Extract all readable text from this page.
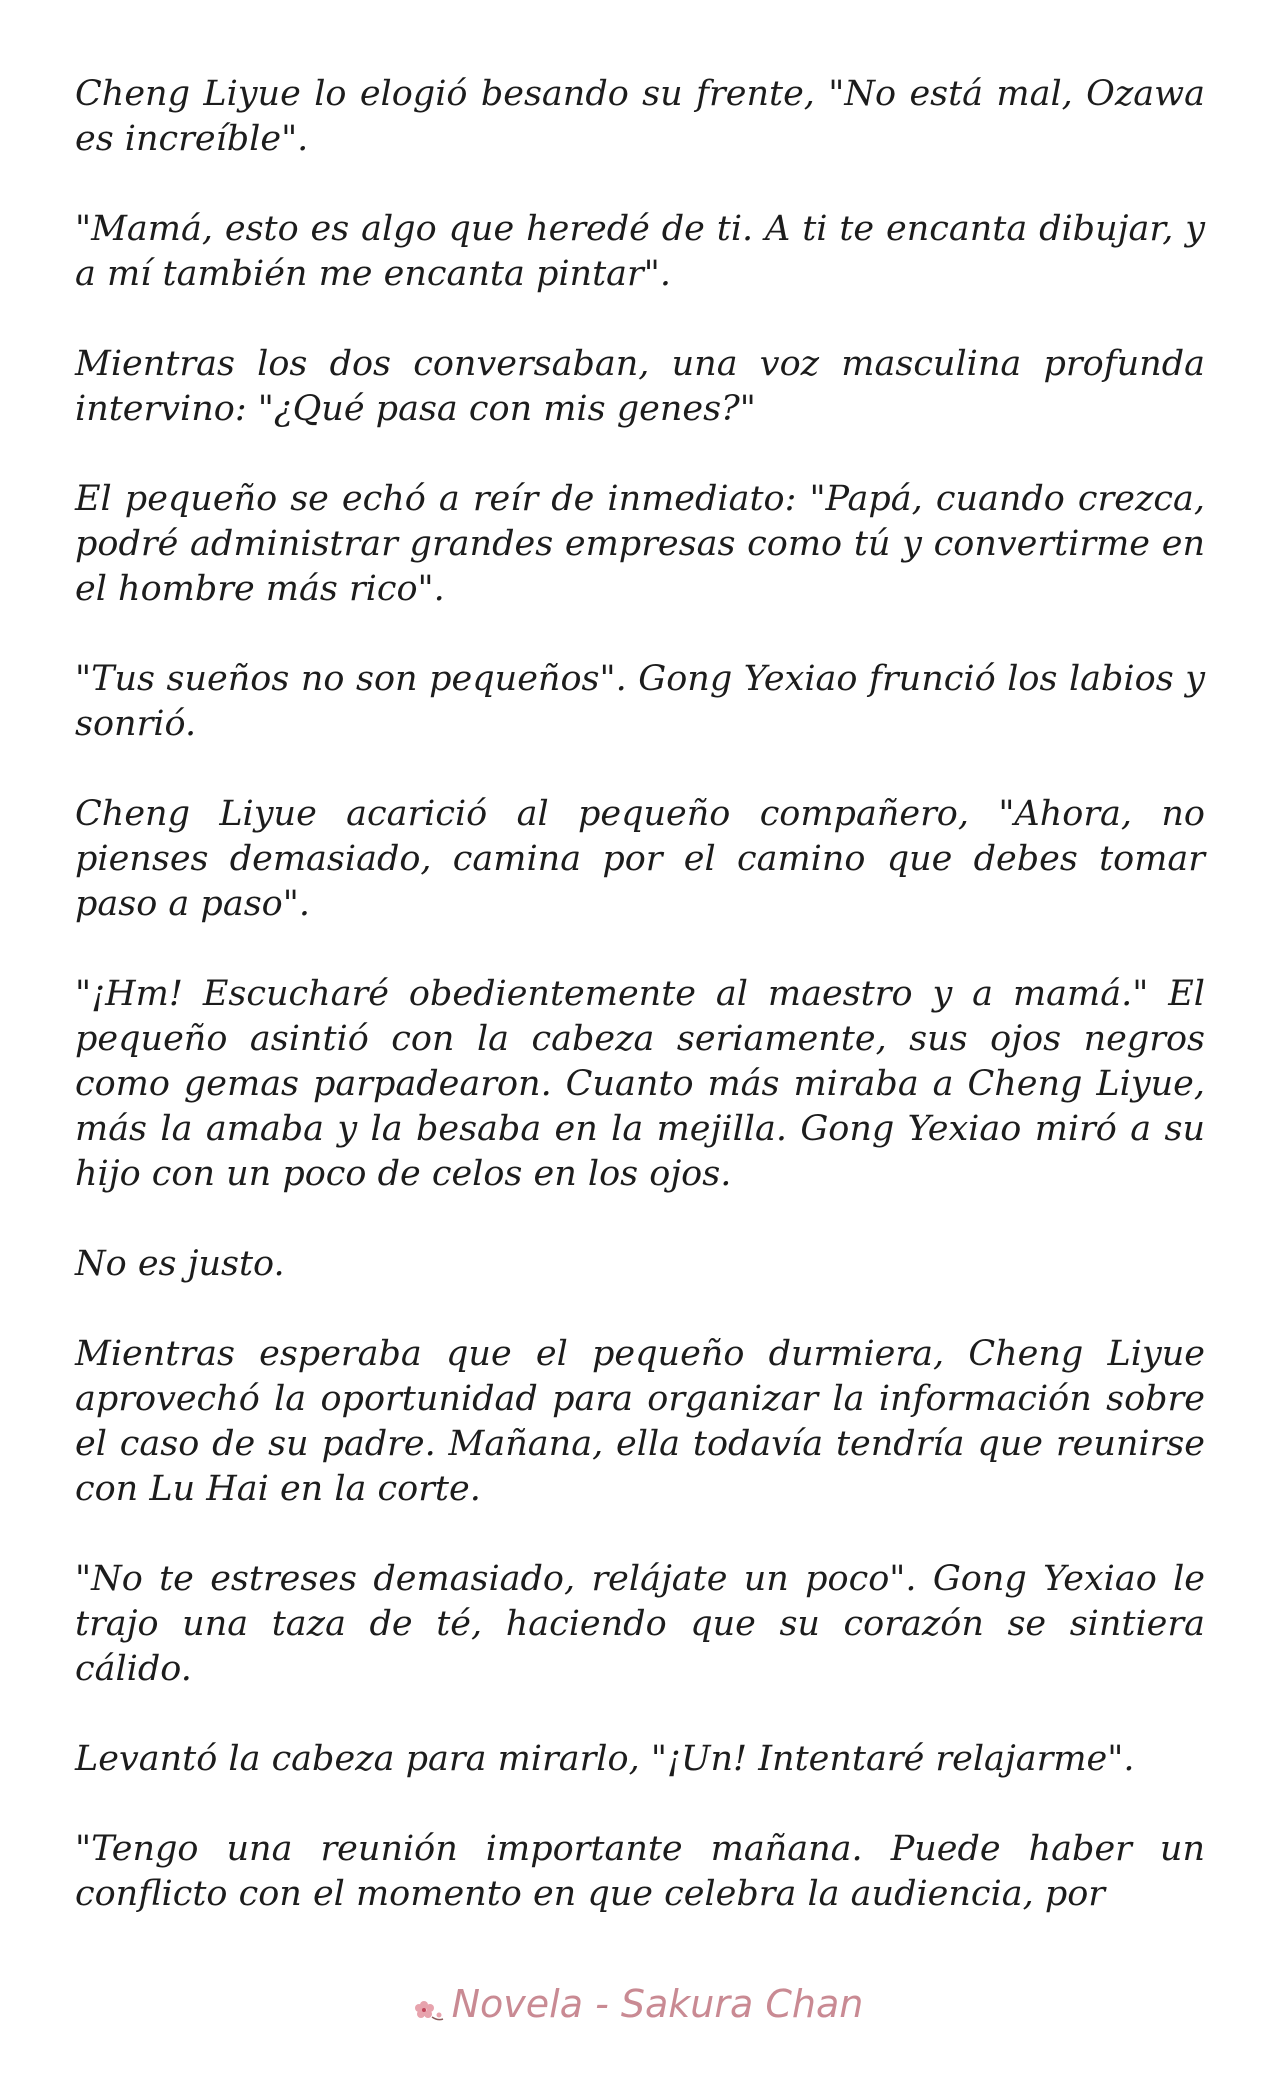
Cheng Liyue lo elogió besando su frente, "No está mal, Ozawa es increíble".

"Mamá, esto es algo que heredé de ti. A ti te encanta dibujar, y a mí también me encanta pintar".

Mientras los dos conversaban, una voz masculina profunda intervino: "¿Qué pasa con mis genes?"

El pequeño se echó a reír de inmediato: "Papá, cuando crezca, podré administrar grandes empresas como tú y convertirme en el hombre más rico".

"Tus sueños no son pequeños". Gong Yexiao frunció los labios y sonrió.

Cheng Liyue acarició al pequeño compañero, "Ahora, no pienses demasiado, camina por el camino que debes tomar paso a paso".

"¡Hm! Escucharé obedientemente al maestro y a mamá." El pequeño asintió con la cabeza seriamente, sus ojos negros como gemas parpadearon. Cuanto más miraba a Cheng Liyue, más la amaba y la besaba en la mejilla. Gong Yexiao miró a su hijo con un poco de celos en los ojos.

No es justo.

Mientras esperaba que el pequeño durmiera, Cheng Liyue aprovechó la oportunidad para organizar la información sobre el caso de su padre. Mañana, ella todavía tendría que reunirse con Lu Hai en la corte.

"No te estreses demasiado, relájate un poco". Gong Yexiao le trajo una taza de té, haciendo que su corazón se sintiera cálido.

Levantó la cabeza para mirarlo, "¡Un! Intentaré relajarme".

"Tengo una reunión importante mañana. Puede haber un conflicto con el momento en que celebra la audiencia, por

Novela - Sakura Chan
